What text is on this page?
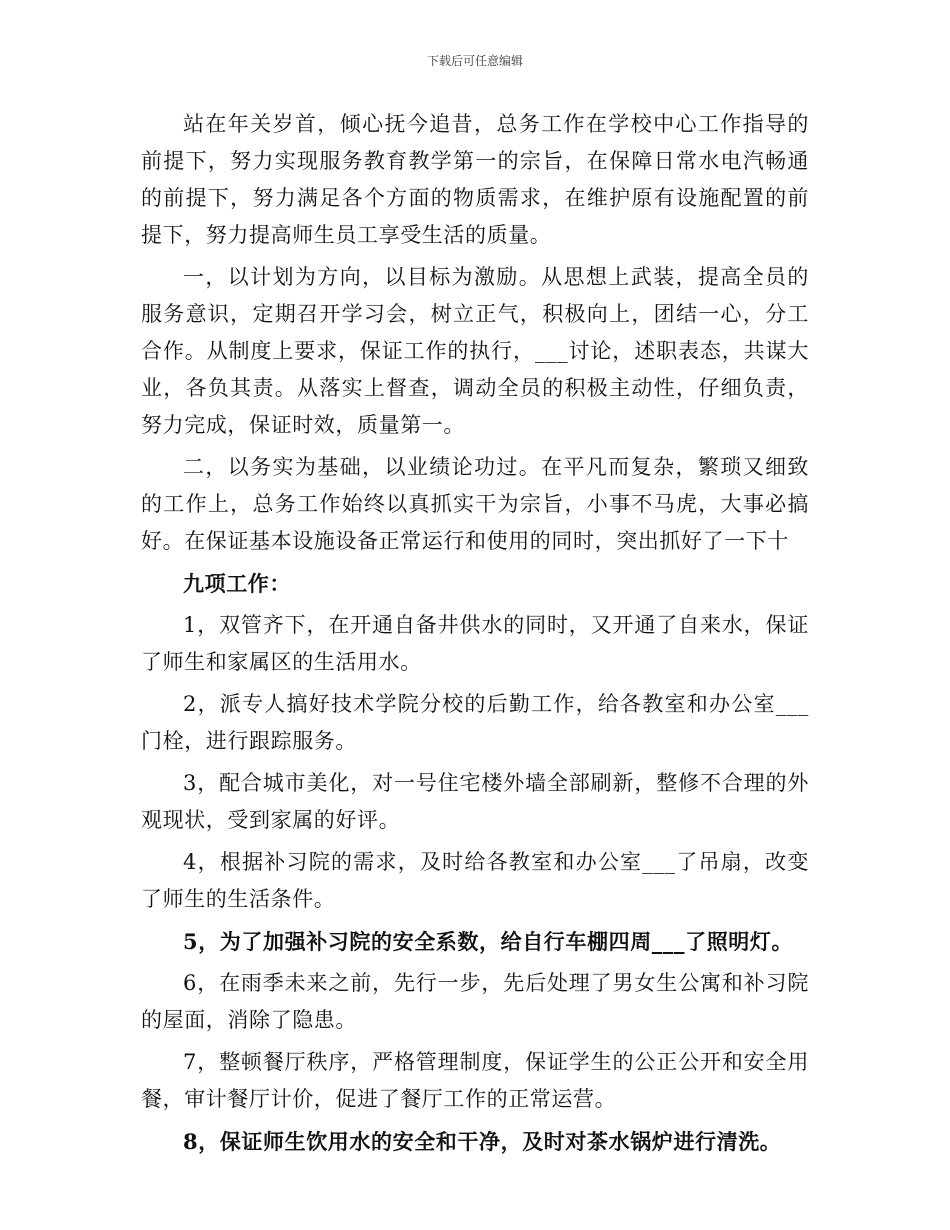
下载后可任意编辑

站在年关岁首，倾心抚今追昔，总务工作在学校中心工作指导的前提下，努力实现服务教育教学第一的宗旨，在保障日常水电汽畅通的前提下，努力满足各个方面的物质需求，在维护原有设施配置的前提下，努力提高师生员工享受生活的质量。

一，以计划为方向，以目标为激励。从思想上武装，提高全员的服务意识，定期召开学习会，树立正气，积极向上，团结一心，分工合作。从制度上要求，保证工作的执行，___讨论，述职表态，共谋大业，各负其责。从落实上督查，调动全员的积极主动性，仔细负责，努力完成，保证时效，质量第一。

二，以务实为基础，以业绩论功过。在平凡而复杂，繁琐又细致的工作上，总务工作始终以真抓实干为宗旨，小事不马虎，大事必搞好。在保证基本设施设备正常运行和使用的同时，突出抓好了一下十

九项工作：

1，双管齐下，在开通自备井供水的同时，又开通了自来水，保证了师生和家属区的生活用水。

2，派专人搞好技术学院分校的后勤工作，给各教室和办公室___门栓，进行跟踪服务。

3，配合城市美化，对一号住宅楼外墙全部刷新，整修不合理的外观现状，受到家属的好评。

4，根据补习院的需求，及时给各教室和办公室___了吊扇，改变了师生的生活条件。

5，为了加强补习院的安全系数，给自行车棚四周___了照明灯。

6，在雨季未来之前，先行一步，先后处理了男女生公寓和补习院的屋面，消除了隐患。

7，整顿餐厅秩序，严格管理制度，保证学生的公正公开和安全用餐，审计餐厅计价，促进了餐厅工作的正常运营。

8，保证师生饮用水的安全和干净，及时对茶水锅炉进行清洗。
